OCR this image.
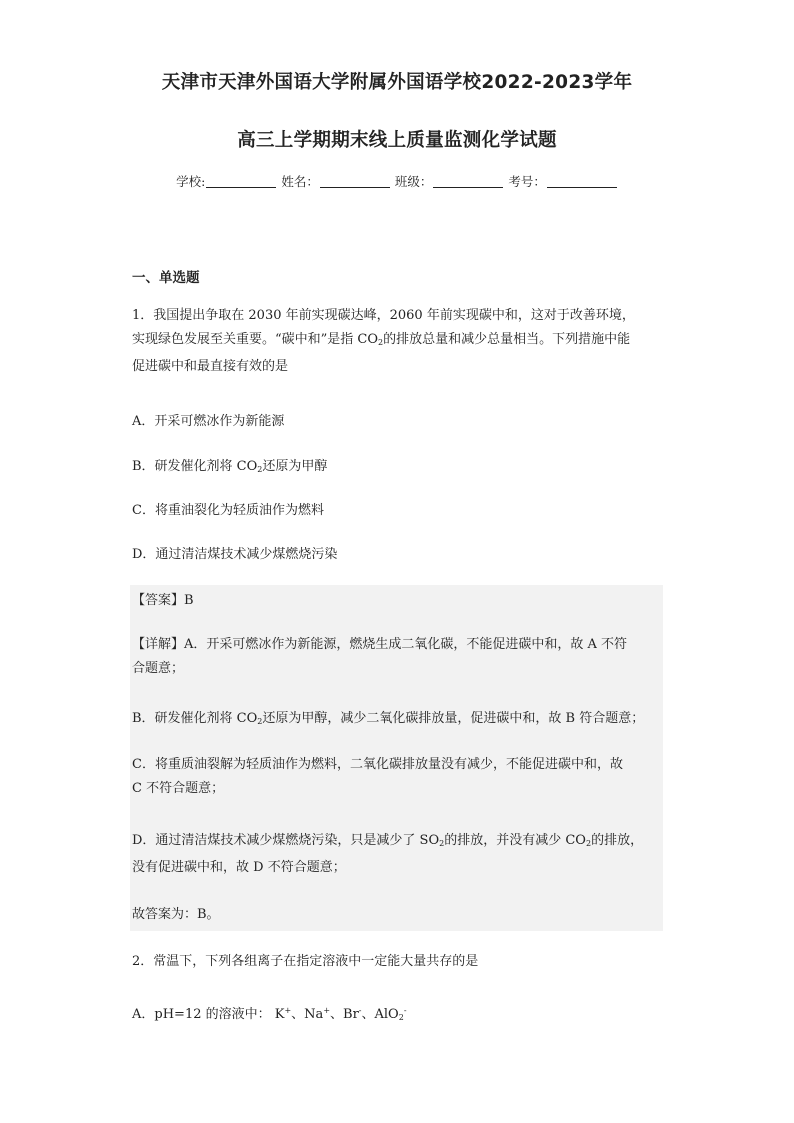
天津市天津外国语大学附属外国语学校2022-2023学年
高三上学期期末线上质量监测化学试题
学校:	姓名：	班级：	考号：
一、单选题
1．我国提出争取在 2030 年前实现碳达峰，2060 年前实现碳中和，这对于改善环境，
实现绿色发展至关重要。“碳中和”是指 $CO_2$的排放总量和减少总量相当。下列措施中能
促进碳中和最直接有效的是
A．开采可燃冰作为新能源
B．研发催化剂将 $CO_2$还原为甲醇
C．将重油裂化为轻质油作为燃料
D．通过清洁煤技术减少煤燃烧污染
【答案】B
【详解】A．开采可燃冰作为新能源，燃烧生成二氧化碳，不能促进碳中和，故 A 不符
合题意；
B．研发催化剂将 $CO_2$还原为甲醇，减少二氧化碳排放量，促进碳中和，故 B 符合题意；
C．将重质油裂解为轻质油作为燃料，二氧化碳排放量没有减少，不能促进碳中和，故
C 不符合题意；
D．通过清洁煤技术减少煤燃烧污染，只是减少了 $SO_2$的排放，并没有减少 $CO_2$的排放，
没有促进碳中和，故 D 不符合题意；
故答案为：B。
2．常温下，下列各组离子在指定溶液中一定能大量共存的是
A．pH=12 的溶液中： K+、Na+、Br-、AlO$_2$-
